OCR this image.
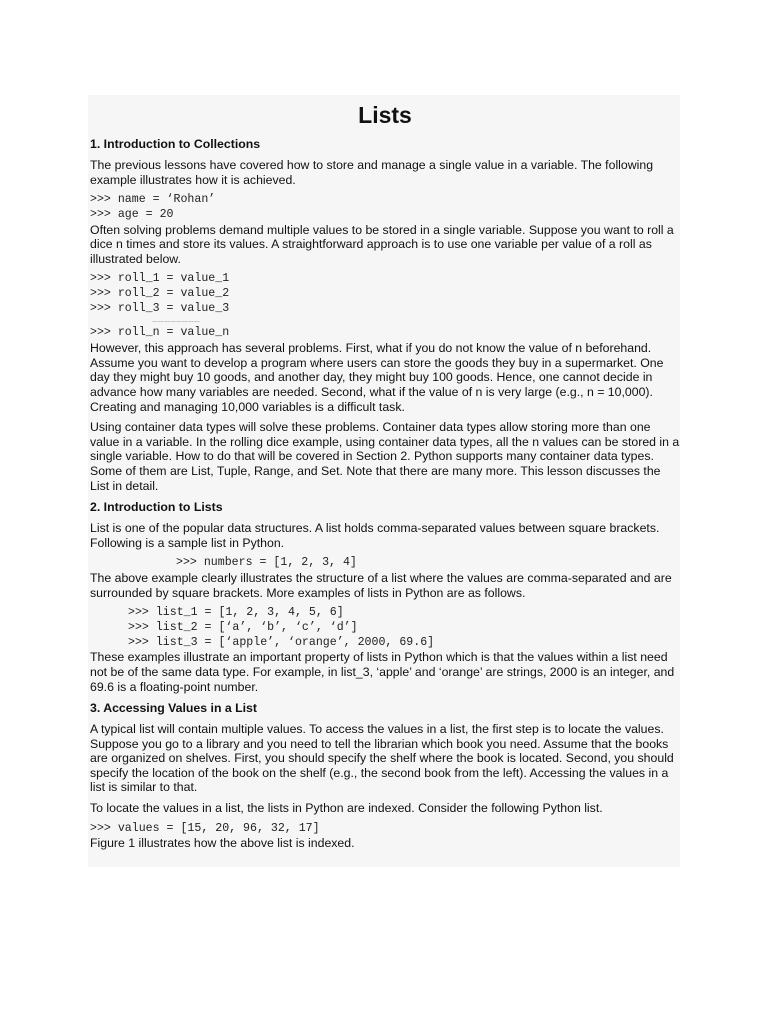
Lists
1. Introduction to Collections

The previous lessons have covered how to store and manage a single value in a variable. The following example illustrates how it is achieved.

>>> name = ‘Rohan’
>>> age = 20

Often solving problems demand multiple values to be stored in a single variable. Suppose you want to roll a dice n times and store its values. A straightforward approach is to use one variable per value of a roll as illustrated below.

>>> roll_1 = value_1
>>> roll_2 = value_2
>>> roll_3 = value_3
……………………
>>> roll_n = value_n

However, this approach has several problems. First, what if you do not know the value of n beforehand. Assume you want to develop a program where users can store the goods they buy in a supermarket. One day they might buy 10 goods, and another day, they might buy 100 goods. Hence, one cannot decide in advance how many variables are needed. Second, what if the value of n is very large (e.g., n = 10,000). Creating and managing 10,000 variables is a difficult task.

Using container data types will solve these problems. Container data types allow storing more than one value in a variable. In the rolling dice example, using container data types, all the n values can be stored in a single variable. How to do that will be covered in Section 2. Python supports many container data types. Some of them are List, Tuple, Range, and Set. Note that there are many more. This lesson discusses the List in detail.

2. Introduction to Lists

List is one of the popular data structures. A list holds comma-separated values between square brackets. Following is a sample list in Python.

>>> numbers = [1, 2, 3, 4]

The above example clearly illustrates the structure of a list where the values are comma-separated and are surrounded by square brackets. More examples of lists in Python are as follows.

>>> list_1 = [1, 2, 3, 4, 5, 6]
>>> list_2 = [‘a’, ‘b’, ‘c’, ‘d’]
>>> list_3 = [‘apple’, ‘orange’, 2000, 69.6]

These examples illustrate an important property of lists in Python which is that the values within a list need not be of the same data type. For example, in list_3, ‘apple’ and ‘orange’ are strings, 2000 is an integer, and 69.6 is a floating-point number.

3. Accessing Values in a List

A typical list will contain multiple values. To access the values in a list, the first step is to locate the values. Suppose you go to a library and you need to tell the librarian which book you need. Assume that the books are organized on shelves. First, you should specify the shelf where the book is located. Second, you should specify the location of the book on the shelf (e.g., the second book from the left). Accessing the values in a list is similar to that.

To locate the values in a list, the lists in Python are indexed. Consider the following Python list.

>>> values = [15, 20, 96, 32, 17]

Figure 1 illustrates how the above list is indexed.
